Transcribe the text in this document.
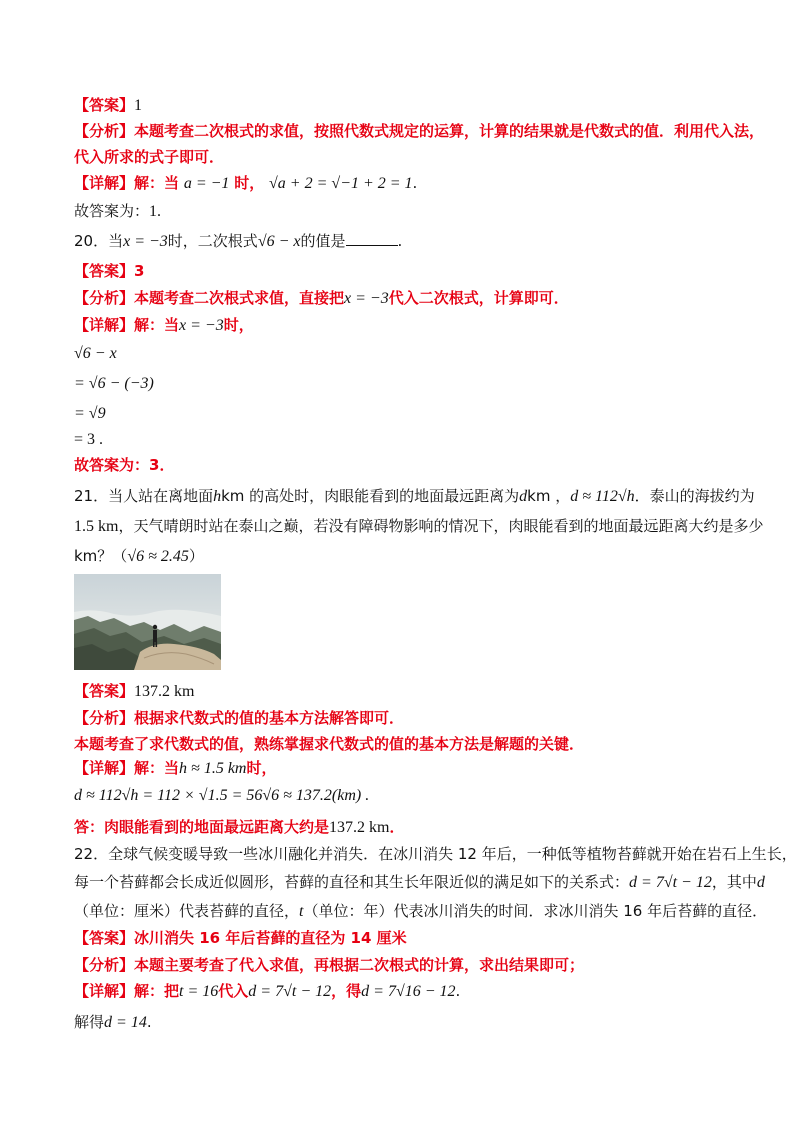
【答案】1
【分析】本题考查二次根式的求值，按照代数式规定的运算，计算的结果就是代数式的值．利用代入法，
代入所求的式子即可．
【详解】解：当 a = −1 时， √a + 2 = √−1 + 2 = 1.
故答案为：1.
20．当x = −3时，二次根式√6 − x的值是	.
【答案】3
【分析】本题考查二次根式求值，直接把x = −3代入二次根式，计算即可．
【详解】解：当x = −3时，
√6 − x
= √6 − (−3)
= √9
= 3 .
故答案为：3．
21．当人站在离地面hkm 的高处时，肉眼能看到的地面最远距离为dkm ，d ≈ 112√h．泰山的海拔约为
1.5 km，天气晴朗时站在泰山之巅，若没有障碍物影响的情况下，肉眼能看到的地面最远距离大约是多少
km？（√6 ≈ 2.45）
【答案】137.2 km
【分析】根据求代数式的值的基本方法解答即可．
本题考查了求代数式的值，熟练掌握求代数式的值的基本方法是解题的关键．
【详解】解：当h ≈ 1.5 km时，
d ≈ 112√h = 112 × √1.5 = 56√6 ≈ 137.2(km) .
答：肉眼能看到的地面最远距离大约是137.2 km．
22．全球气候变暖导致一些冰川融化并消失．在冰川消失 12 年后，一种低等植物苔藓就开始在岩石上生长，
每一个苔藓都会长成近似圆形，苔藓的直径和其生长年限近似的满足如下的关系式：d = 7√t − 12，其中d
（单位：厘米）代表苔藓的直径，t（单位：年）代表冰川消失的时间．求冰川消失 16 年后苔藓的直径．
【答案】冰川消失 16 年后苔藓的直径为 14 厘米
【分析】本题主要考查了代入求值，再根据二次根式的计算，求出结果即可；
【详解】解：把t = 16代入d = 7√t − 12，得d = 7√16 − 12.
解得d = 14.
